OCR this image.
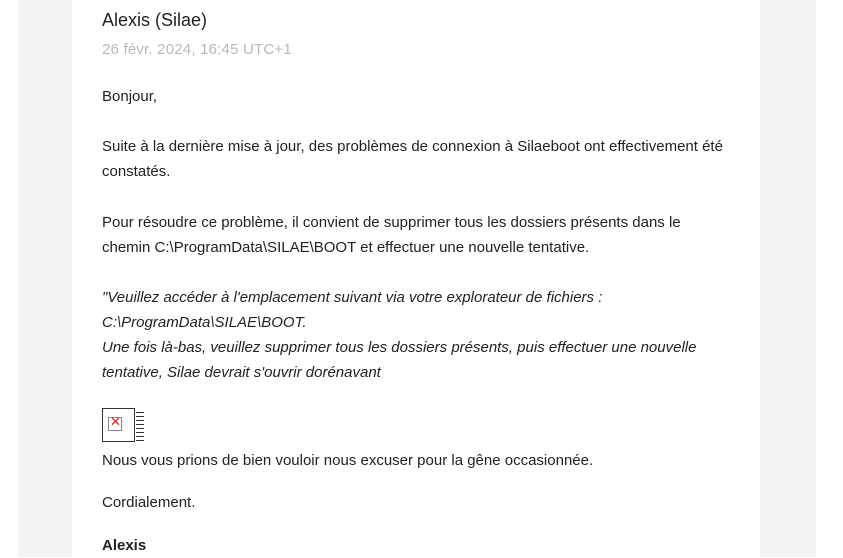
Alexis (Silae)
26 févr. 2024, 16:45 UTC+1

Bonjour,

Suite à la dernière mise à jour, des problèmes de connexion à Silaeboot ont effectivement été constatés.

Pour résoudre ce problème, il convient de supprimer tous les dossiers présents dans le chemin C:\ProgramData\SILAE\BOOT et effectuer une nouvelle tentative.

"Veuillez accéder à l'emplacement suivant via votre explorateur de fichiers :
C:\ProgramData\SILAE\BOOT.
Une fois là-bas, veuillez supprimer tous les dossiers présents, puis effectuer une nouvelle tentative, Silae devrait s'ouvrir dorénavant
✕

Nous vous prions de bien vouloir nous excuser pour la gêne occasionnée.

Cordialement.

Alexis
